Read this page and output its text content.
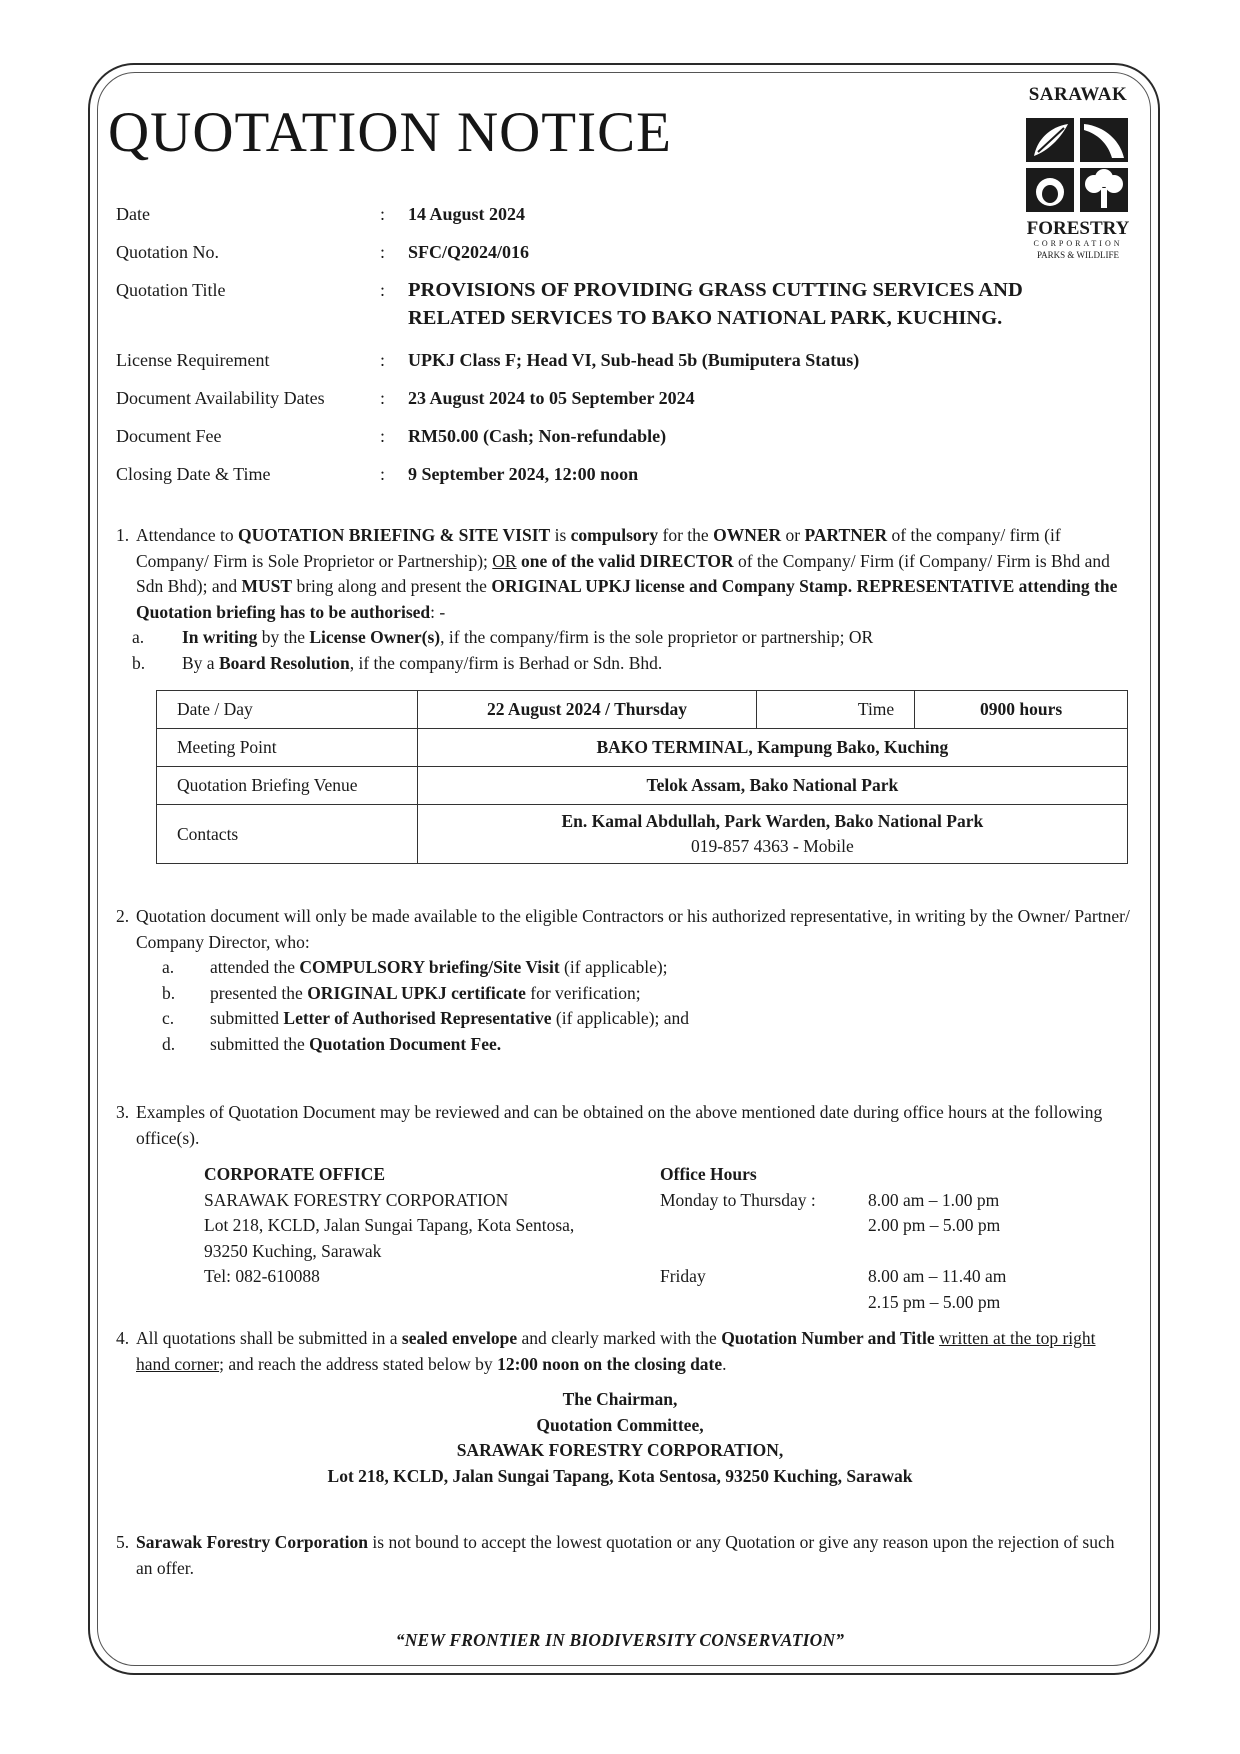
QUOTATION NOTICE
SARAWAK
FORESTRY
CORPORATION
PARKS & WILDLIFE
Date	: 14 August 2024
Quotation No.	: SFC/Q2024/016
Quotation Title	: PROVISIONS OF PROVIDING GRASS CUTTING SERVICES AND
RELATED SERVICES TO BAKO NATIONAL PARK, KUCHING.
License Requirement	: UPKJ Class F; Head VI, Sub-head 5b (Bumiputera Status)
Document Availability Dates	: 23 August 2024 to 05 September 2024
Document Fee	: RM50.00 (Cash; Non-refundable)
Closing Date & Time	: 9 September 2024, 12:00 noon
1. Attendance to QUOTATION BRIEFING & SITE VISIT is compulsory for the OWNER or PARTNER of the company/ firm (if Company/ Firm is Sole Proprietor or Partnership); OR one of the valid DIRECTOR of the Company/ Firm (if Company/ Firm is Bhd and Sdn Bhd); and MUST bring along and present the ORIGINAL UPKJ license and Company Stamp. REPRESENTATIVE attending the Quotation briefing has to be authorised: -

a. In writing by the License Owner(s), if the company/firm is the sole proprietor or partnership; OR
b. By a Board Resolution, if the company/firm is Berhad or Sdn. Bhd.
Date / Day	22 August 2024 / Thursday	Time	0900 hours
Meeting Point	BAKO TERMINAL, Kampung Bako, Kuching		
Quotation Briefing Venue	Telok Assam, Bako National Park		
Contacts	En. Kamal Abdullah, Park Warden, Bako National Park
019-857 4363 - Mobile		
2. Quotation document will only be made available to the eligible Contractors or his authorized representative, in writing by the Owner/ Partner/ Company Director, who:

a. attended the COMPULSORY briefing/Site Visit (if applicable);
b. presented the ORIGINAL UPKJ certificate for verification;
c. submitted Letter of Authorised Representative (if applicable); and
d. submitted the Quotation Document Fee.
3. Examples of Quotation Document may be reviewed and can be obtained on the above mentioned date during office hours at the following office(s).

CORPORATE OFFICE
SARAWAK FORESTRY CORPORATION
Lot 218, KCLD, Jalan Sungai Tapang, Kota Sentosa,
93250 Kuching, Sarawak
Tel: 082-610088
Office Hours
Monday to Thursday :	8.00 am – 1.00 pm
2.00 pm – 5.00 pm
Friday	8.00 am – 11.40 am
2.15 pm – 5.00 pm
4. All quotations shall be submitted in a sealed envelope and clearly marked with the Quotation Number and Title written at the top right hand corner; and reach the address stated below by 12:00 noon on the closing date.

The Chairman,
Quotation Committee,
SARAWAK FORESTRY CORPORATION,
Lot 218, KCLD, Jalan Sungai Tapang, Kota Sentosa, 93250 Kuching, Sarawak
5. Sarawak Forestry Corporation is not bound to accept the lowest quotation or any Quotation or give any reason upon the rejection of such an offer.

“NEW FRONTIER IN BIODIVERSITY CONSERVATION”
